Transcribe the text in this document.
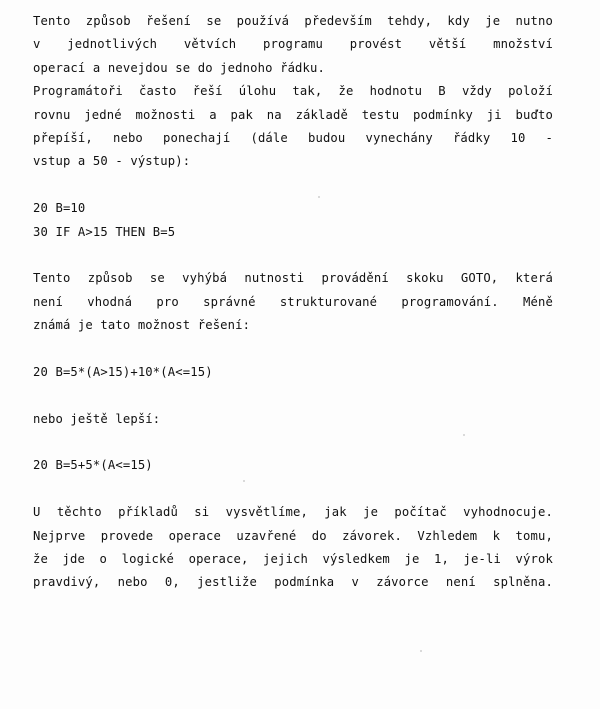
Tento způsob řešení se používá především tehdy, kdy je nutno
v jednotlivých větvích programu provést větší množství
operací a nevejdou se do jednoho řádku.
Programátoři často řeší úlohu tak, že hodnotu B vždy položí
rovnu jedné možnosti a pak na základě testu podmínky ji buďto
přepíší, nebo ponechají (dále budou vynechány řádky 10 -
vstup a 50 - výstup):
20 B=10
30 IF A>15 THEN B=5
Tento způsob se vyhýbá nutnosti provádění skoku GOTO, která
není vhodná pro správné strukturované programování. Méně
známá je tato možnost řešení:
20 B=5*(A>15)+10*(A<=15)
nebo ještě lepší:
20 B=5+5*(A<=15)
U těchto příkladů si vysvětlíme, jak je počítač vyhodnocuje.
Nejprve provede operace uzavřené do závorek. Vzhledem k tomu,
že jde o logické operace, jejich výsledkem je 1, je-li výrok
pravdivý, nebo 0, jestliže podmínka v závorce není splněna.
